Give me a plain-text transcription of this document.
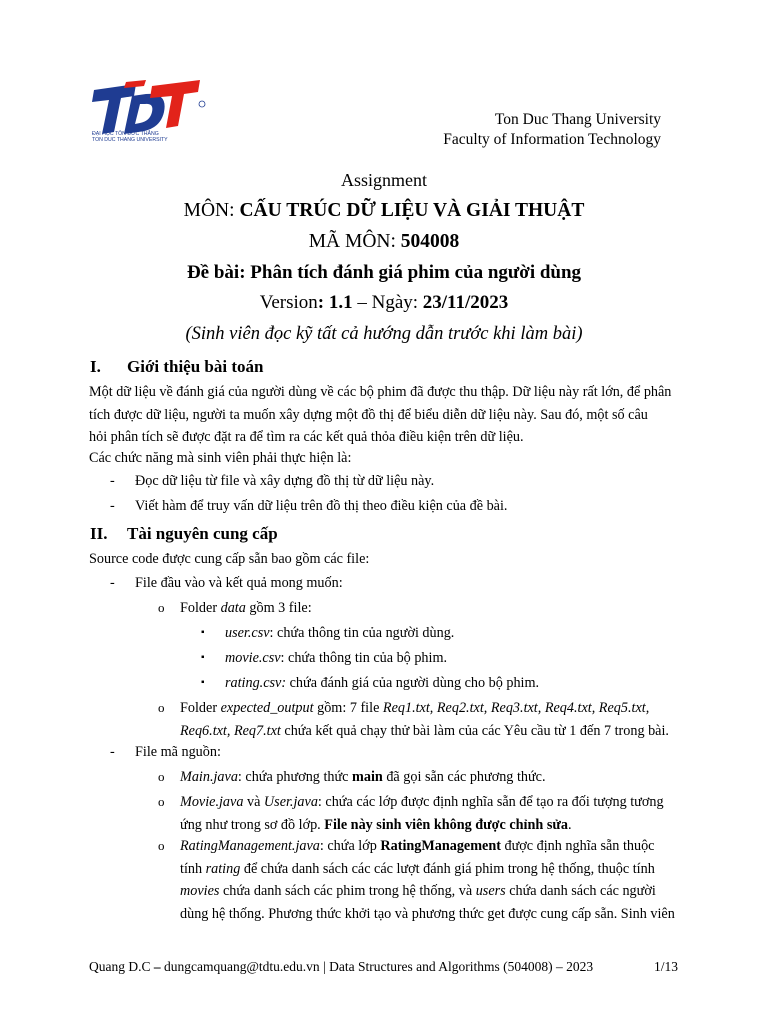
ĐẠI HỌC TÔN ĐỨC THẮNG
TON DUC THANG UNIVERSITY
Ton Duc Thang University
Faculty of Information Technology
Assignment
MÔN: CẤU TRÚC DỮ LIỆU VÀ GIẢI THUẬT
MÃ MÔN: 504008
Đề bài: Phân tích đánh giá phim của người dùng
Version: 1.1 – Ngày: 23/11/2023
(Sinh viên đọc kỹ tất cả hướng dẫn trước khi làm bài)
I. Giới thiệu bài toán
Một dữ liệu về đánh giá của người dùng về các bộ phim đã được thu thập. Dữ liệu này rất lớn, để phân
tích được dữ liệu, người ta muốn xây dựng một đồ thị để biểu diễn dữ liệu này. Sau đó, một số câu
hỏi phân tích sẽ được đặt ra để tìm ra các kết quả thỏa điều kiện trên dữ liệu.
Các chức năng mà sinh viên phải thực hiện là:
- Đọc dữ liệu từ file và xây dựng đồ thị từ dữ liệu này.
- Viết hàm để truy vấn dữ liệu trên đồ thị theo điều kiện của đề bài.
II. Tài nguyên cung cấp
Source code được cung cấp sẵn bao gồm các file:
- File đầu vào và kết quả mong muốn:
o Folder data gồm 3 file:
▪ user.csv: chứa thông tin của người dùng.
▪ movie.csv: chứa thông tin của bộ phim.
▪ rating.csv: chứa đánh giá của người dùng cho bộ phim.
o Folder expected_output gồm: 7 file Req1.txt, Req2.txt, Req3.txt, Req4.txt, Req5.txt,
Req6.txt, Req7.txt chứa kết quả chạy thử bài làm của các Yêu cầu từ 1 đến 7 trong bài.
- File mã nguồn:
o Main.java: chứa phương thức main đã gọi sẵn các phương thức.
o Movie.java và User.java: chứa các lớp được định nghĩa sẵn để tạo ra đối tượng tương
ứng như trong sơ đồ lớp. File này sinh viên không được chỉnh sửa.
o RatingManagement.java: chứa lớp RatingManagement được định nghĩa sẵn thuộc
tính rating để chứa danh sách các các lượt đánh giá phim trong hệ thống, thuộc tính
movies chứa danh sách các phim trong hệ thống, và users chứa danh sách các người
dùng hệ thống. Phương thức khởi tạo và phương thức get được cung cấp sẵn. Sinh viên
Quang D.C – dungcamquang@tdtu.edu.vn | Data Structures and Algorithms (504008) – 2023	1/13
